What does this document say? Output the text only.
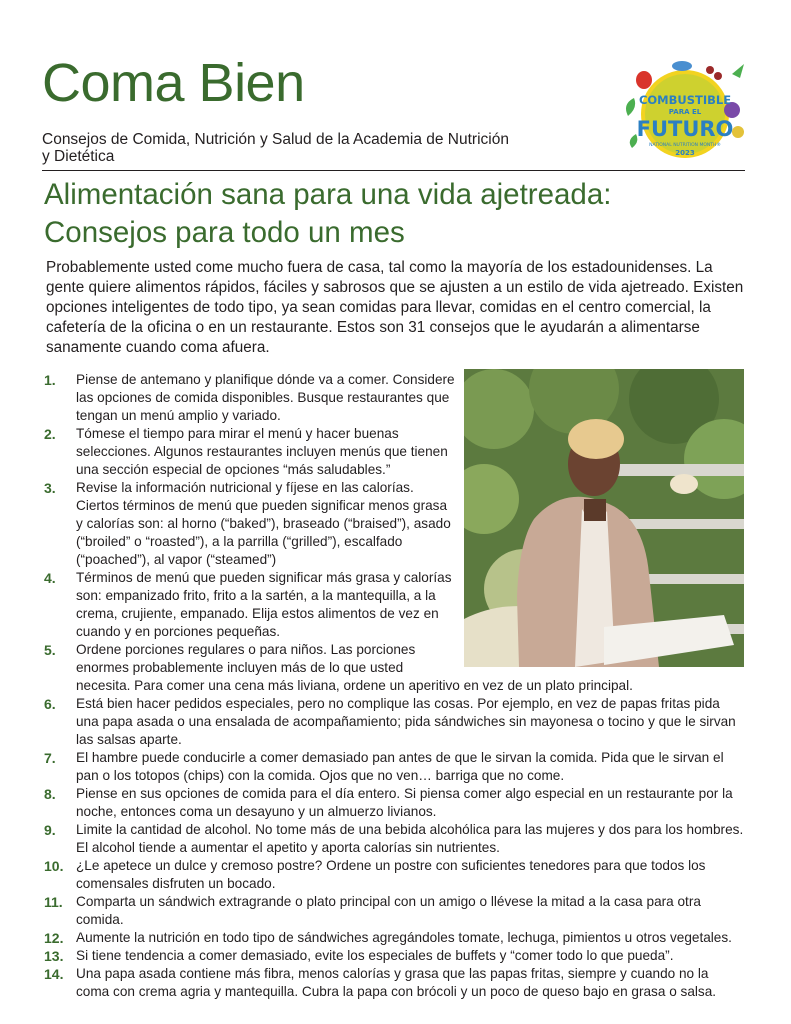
Coma Bien
Consejos de Comida, Nutrición y Salud de la Academia de Nutrición y Dietética
COMBUSTIBLE
PARA EL
FUTURO
NATIONAL NUTRITION MONTH®
2023
Alimentación sana para una vida ajetreada:
Consejos para todo un mes
Probablemente usted come mucho fuera de casa, tal como la mayoría de los estadounidenses. La gente quiere alimentos rápidos, fáciles y sabrosos que se ajusten a un estilo de vida ajetreado. Existen opciones inteligentes de todo tipo, ya sean comidas para llevar, comidas en el centro comercial, la cafetería de la oficina o en un restaurante. Estos son 31 consejos que le ayudarán a alimentarse sanamente cuando coma afuera.
1. Piense de antemano y planifique dónde va a comer. Considere las opciones de comida disponibles. Busque restaurantes que tengan un menú amplio y variado.
2. Tómese el tiempo para mirar el menú y hacer buenas selecciones. Algunos restaurantes incluyen menús que tienen una sección especial de opciones “más saludables.”
3. Revise la información nutricional y fíjese en las calorías. Ciertos términos de menú que pueden significar menos grasa y calorías son: al horno (“baked”), braseado (“braised”), asado (“broiled” o “roasted”), a la parrilla (“grilled”), escalfado (“poached”), al vapor (“steamed”)
4. Términos de menú que pueden significar más grasa y calorías son: empanizado frito, frito a la sartén, a la mantequilla, a la crema, crujiente, empanado. Elija estos alimentos de vez en cuando y en porciones pequeñas.
5. Ordene porciones regulares o para niños. Las porciones enormes probablemente incluyen más de lo que usted
necesita. Para comer una cena más liviana, ordene un aperitivo en vez de un plato principal.
6. Está bien hacer pedidos especiales, pero no complique las cosas. Por ejemplo, en vez de papas fritas pida una papa asada o una ensalada de acompañamiento; pida sándwiches sin mayonesa o tocino y que le sirvan las salsas aparte.
7. El hambre puede conducirle a comer demasiado pan antes de que le sirvan la comida. Pida que le sirvan el pan o los totopos (chips) con la comida. Ojos que no ven… barriga que no come.
8. Piense en sus opciones de comida para el día entero. Si piensa comer algo especial en un restaurante por la noche, entonces coma un desayuno y un almuerzo livianos.
9. Limite la cantidad de alcohol. No tome más de una bebida alcohólica para las mujeres y dos para los hombres. El alcohol tiende a aumentar el apetito y aporta calorías sin nutrientes.
10. ¿Le apetece un dulce y cremoso postre? Ordene un postre con suficientes tenedores para que todos los comensales disfruten un bocado.
11. Comparta un sándwich extragrande o plato principal con un amigo o llévese la mitad a la casa para otra comida.
12. Aumente la nutrición en todo tipo de sándwiches agregándoles tomate, lechuga, pimientos u otros vegetales.
13. Si tiene tendencia a comer demasiado, evite los especiales de buffets y “comer todo lo que pueda”.
14. Una papa asada contiene más fibra, menos calorías y grasa que las papas fritas, siempre y cuando no la coma con crema agria y mantequilla. Cubra la papa con brócoli y un poco de queso bajo en grasa o salsa.
